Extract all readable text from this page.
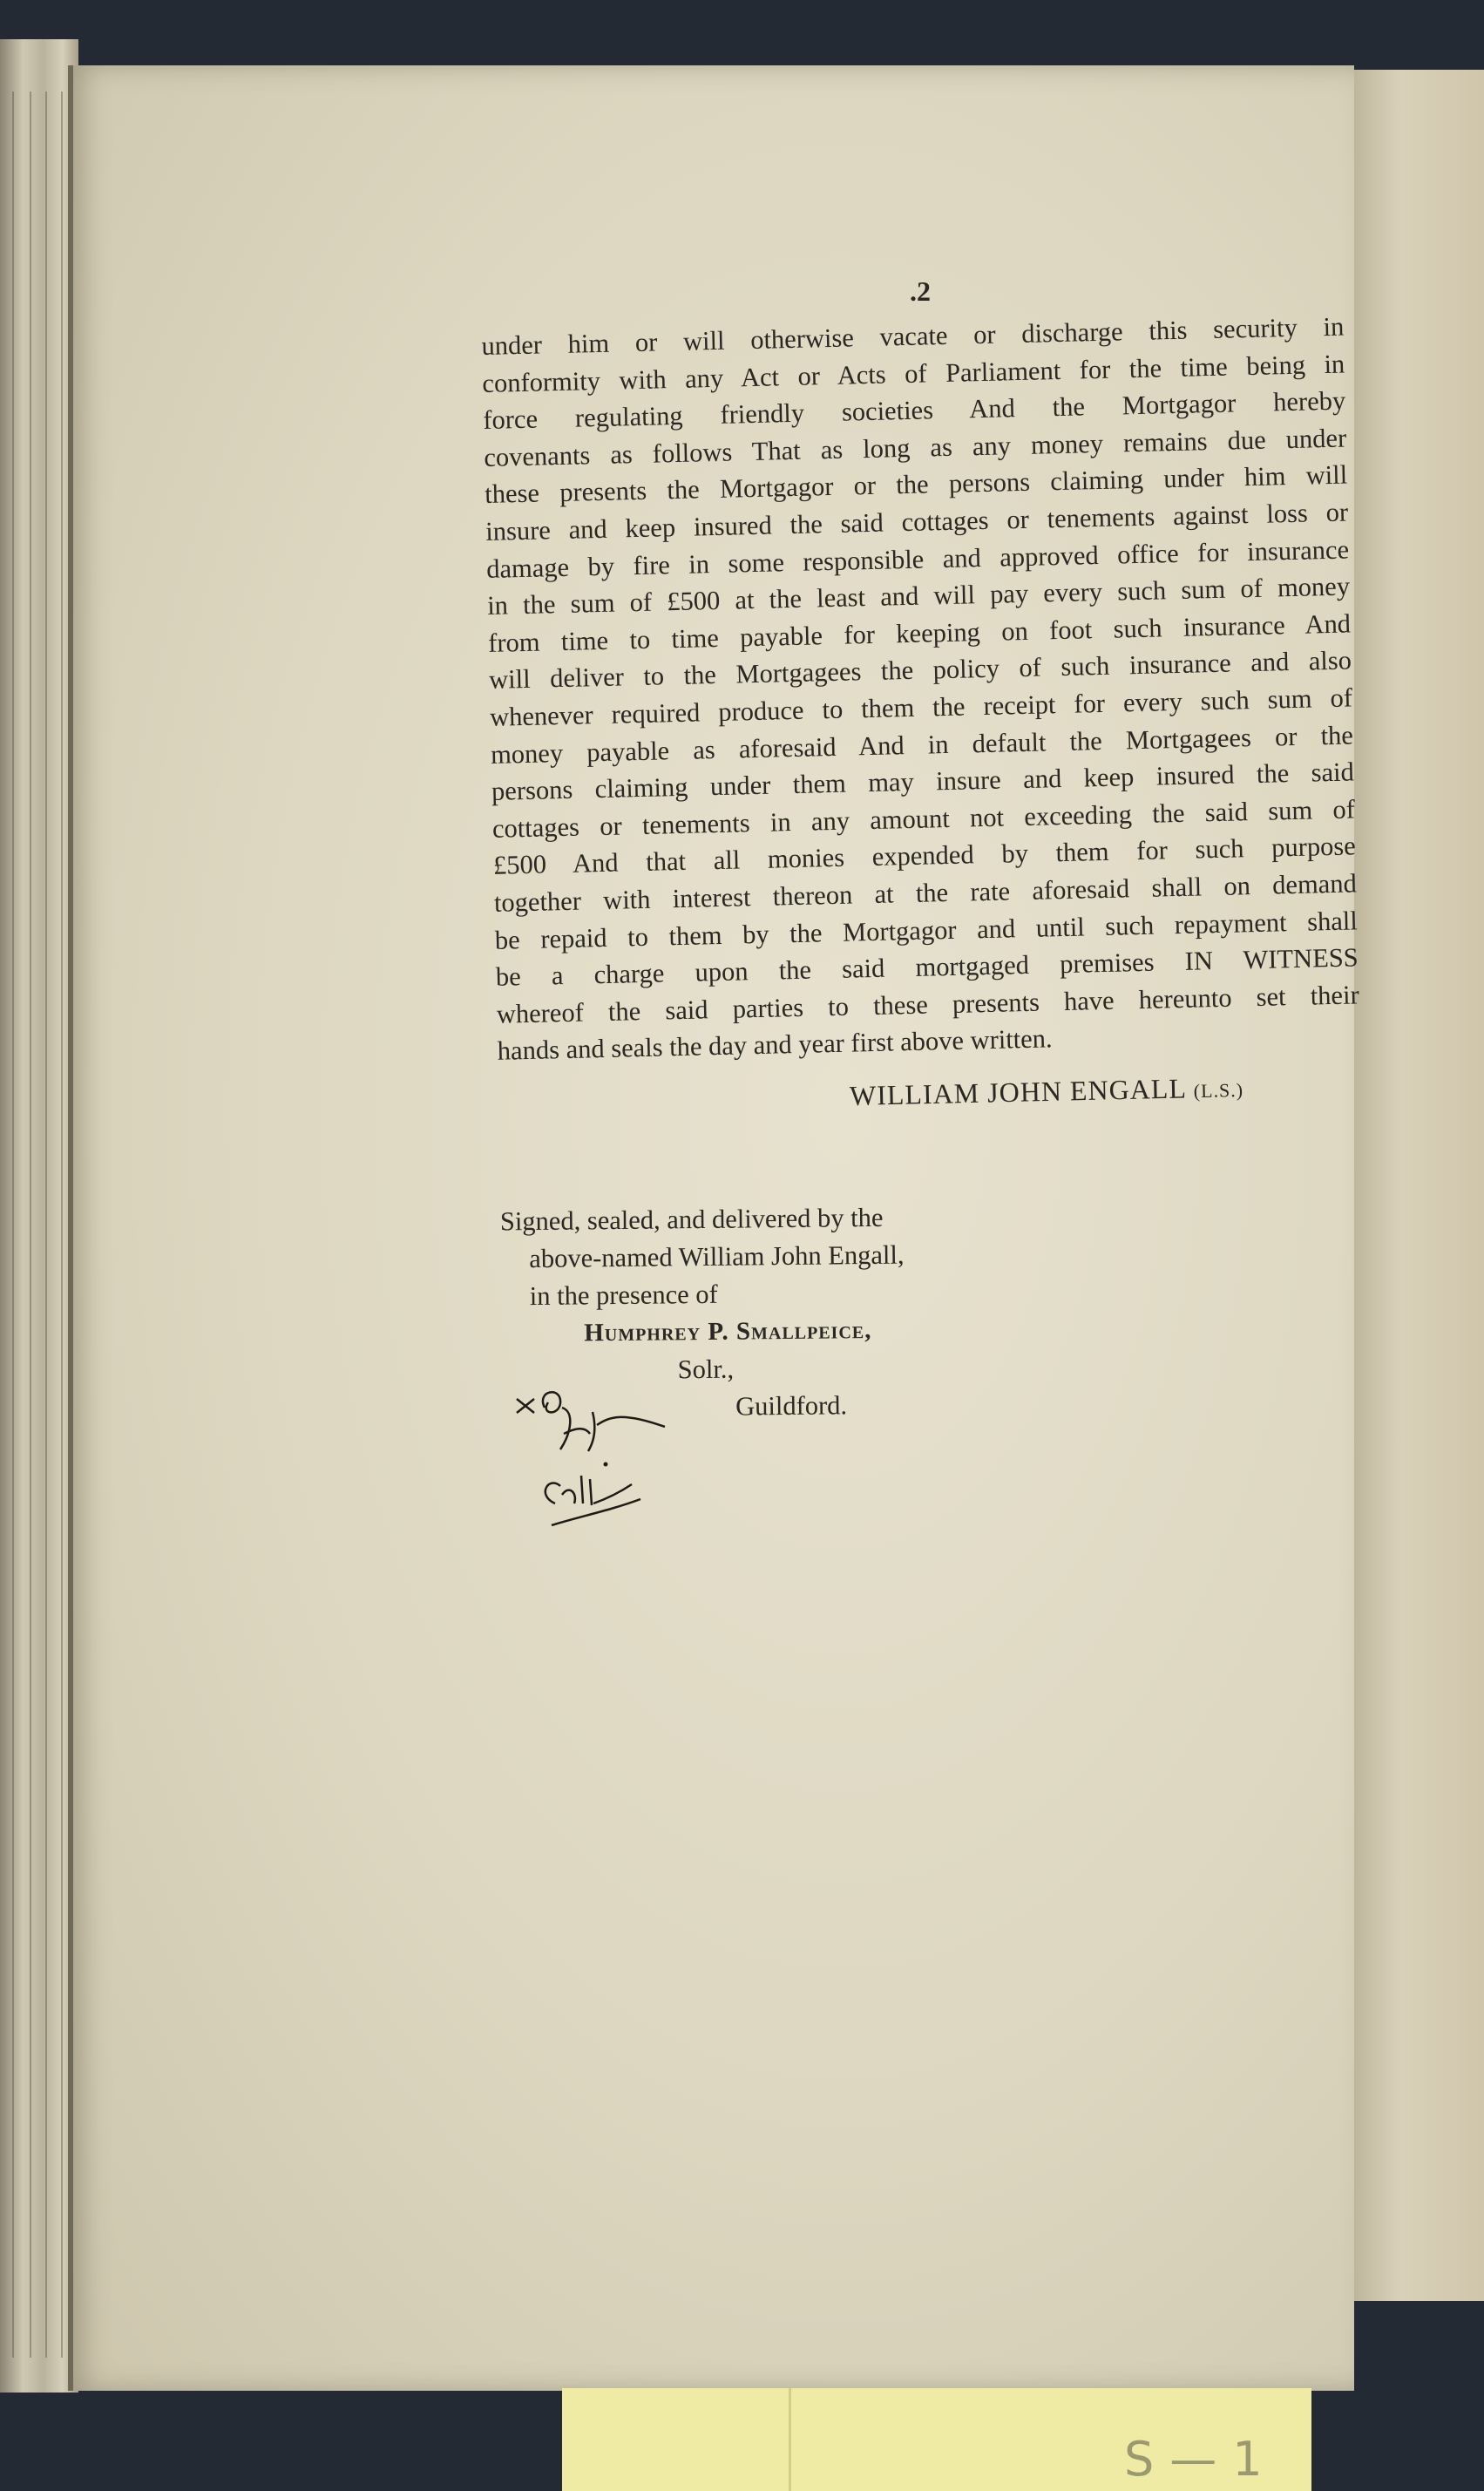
.2
under him or will otherwise vacate or discharge this security in
conformity with any Act or Acts of Parliament for the time being in
force regulating friendly societies And the Mortgagor hereby
covenants as follows That as long as any money remains due under
these presents the Mortgagor or the persons claiming under him will
insure and keep insured the said cottages or tenements against loss or
damage by fire in some responsible and approved office for insurance
in the sum of £500 at the least and will pay every such sum of money
from time to time payable for keeping on foot such insurance And
will deliver to the Mortgagees the policy of such insurance and also
whenever required produce to them the receipt for every such sum of
money payable as aforesaid And in default the Mortgagees or the
persons claiming under them may insure and keep insured the said
cottages or tenements in any amount not exceeding the said sum of
£500 And that all monies expended by them for such purpose
together with interest thereon at the rate aforesaid shall on demand
be repaid to them by the Mortgagor and until such repayment shall
be a charge upon the said mortgaged premises IN WITNESS
whereof the said parties to these presents have hereunto set their
hands and seals the day and year first above written.
WILLIAM JOHN ENGALL (L.S.)
Signed, sealed, and delivered by the
above-named William John Engall,
in the presence of
Humphrey P. Smallpeice,
Solr.,
Guildford.
S—1
